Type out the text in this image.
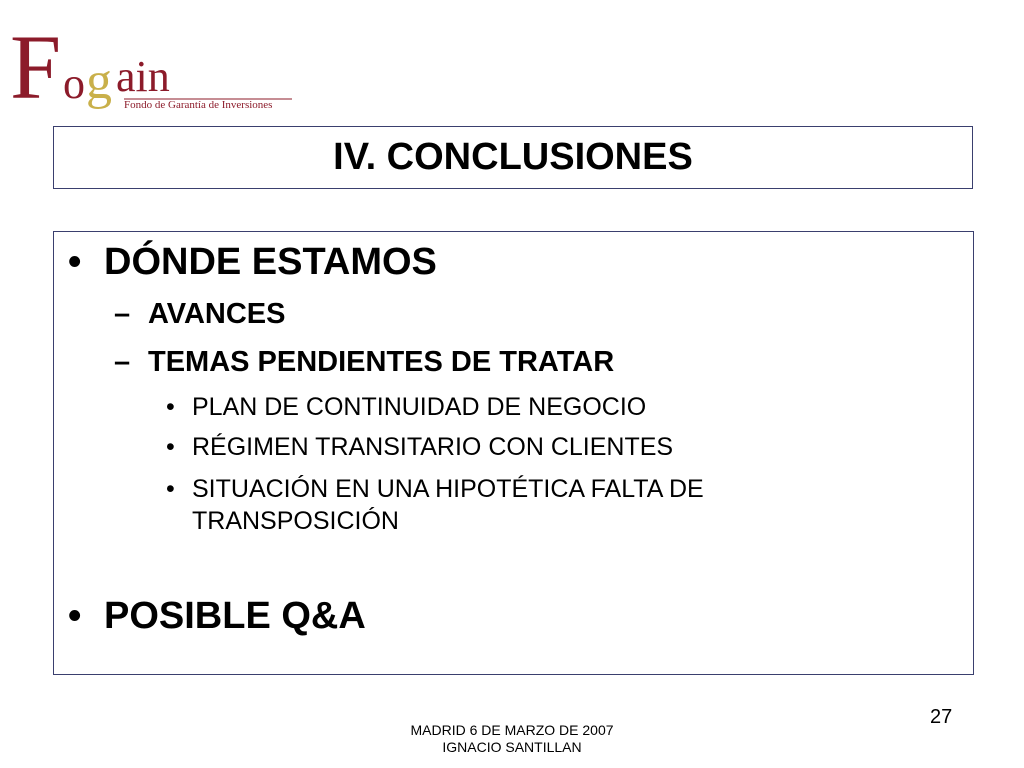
F o g ain
Fondo de Garantía de Inversiones
IV. CONCLUSIONES
• DÓNDE ESTAMOS
– AVANCES
– TEMAS PENDIENTES DE TRATAR
• PLAN DE CONTINUIDAD DE NEGOCIO
• RÉGIMEN TRANSITARIO CON CLIENTES
• SITUACIÓN EN UNA HIPOTÉTICA FALTA DE TRANSPOSICIÓN
• POSIBLE Q&A
27
MADRID 6 DE MARZO DE 2007
IGNACIO SANTILLAN
